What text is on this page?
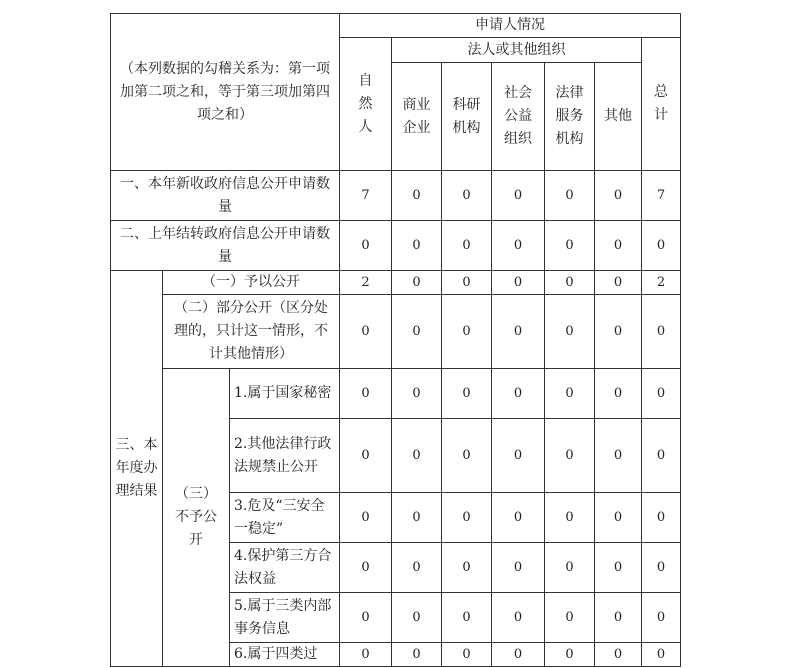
（本列数据的勾稽关系为：第一项加第二项之和，等于第三项加第四项之和）			申请人情况						
			自然人	法人或其他组织					总计
				商业企业	科研机构	社会公益组织	法律服务机构	其他	
一、本年新收政府信息公开申请数量			7	0	0	0	0	0	7
二、上年结转政府信息公开申请数量			0	0	0	0	0	0	0
三、本年度办理结果	（一）予以公开		2	0	0	0	0	0	2
	（二）部分公开（区分处理的，只计这一情形，不计其他情形）		0	0	0	0	0	0	0
	（三）不予公开	1.属于国家秘密	0	0	0	0	0	0	0
		2.其他法律行政法规禁止公开	0	0	0	0	0	0	0
		3.危及“三安全一稳定”	0	0	0	0	0	0	0
		4.保护第三方合法权益	0	0	0	0	0	0	0
		5.属于三类内部事务信息	0	0	0	0	0	0	0
		6.属于四类过	0	0	0	0	0	0	0
